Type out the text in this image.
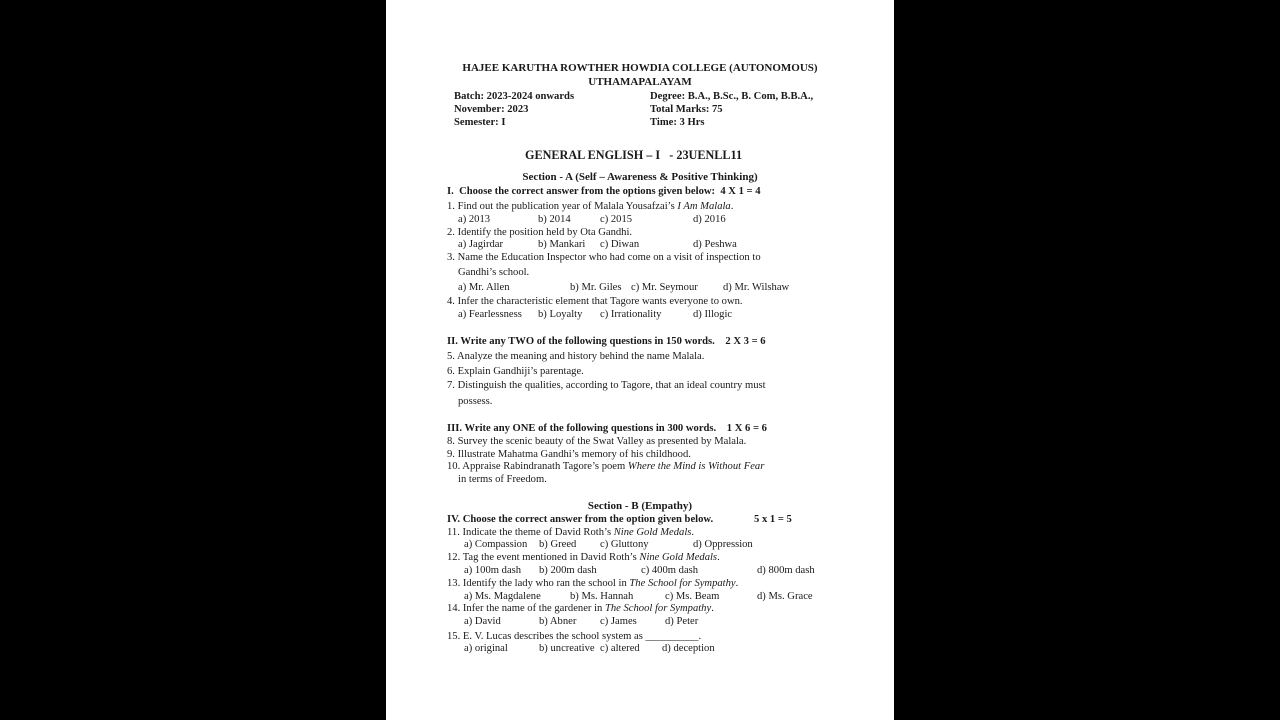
HAJEE KARUTHA ROWTHER HOWDIA COLLEGE (AUTONOMOUS)
UTHAMAPALAYAM
Batch: 2023-2024 onwards
November: 2023
Semester: I
Degree: B.A., B.Sc., B. Com, B.B.A.,
Total Marks: 75
Time: 3 Hrs
GENERAL ENGLISH – I   - 23UENLL11
Section - A (Self – Awareness & Positive Thinking)
I.  Choose the correct answer from the options given below:  4 X 1 = 4
1. Find out the publication year of Malala Yousafzai’s I Am Malala.
a) 2013	b) 2014	c) 2015	d) 2016
2. Identify the position held by Ota Gandhi.
a) Jagirdar	b) Mankari c) Diwan	d) Peshwa
3. Name the Education Inspector who had come on a visit of inspection to
Gandhi’s school.
a) Mr. Allen	b) Mr. Giles c) Mr. Seymour d) Mr. Wilshaw
4. Infer the characteristic element that Tagore wants everyone to own.
a) Fearlessness b) Loyalty c) Irrationality	d) Illogic
II. Write any TWO of the following questions in 150 words.    2 X 3 = 6
5. Analyze the meaning and history behind the name Malala.
6. Explain Gandhiji’s parentage.
7. Distinguish the qualities, according to Tagore, that an ideal country must
possess.
III. Write any ONE of the following questions in 300 words.    1 X 6 = 6
8. Survey the scenic beauty of the Swat Valley as presented by Malala.
9. Illustrate Mahatma Gandhi’s memory of his childhood.
10. Appraise Rabindranath Tagore’s poem Where the Mind is Without Fear
in terms of Freedom.
Section - B (Empathy)
IV. Choose the correct answer from the option given below.	5 x 1 = 5
11. Indicate the theme of David Roth’s Nine Gold Medals.
a) Compassion b) Greed c) Gluttony	d) Oppression
12. Tag the event mentioned in David Roth’s Nine Gold Medals.
a) 100m dash b) 200m dash	c) 400m dash	d) 800m dash
13. Identify the lady who ran the school in The School for Sympathy.
a) Ms. Magdalene	b) Ms. Hannah	c) Ms. Beam	d) Ms. Grace
14. Infer the name of the gardener in The School for Sympathy.
a) David	b) Abner c) James	d) Peter
15. E. V. Lucas describes the school system as __________.
a) original	b) uncreative c) altered d) deception
